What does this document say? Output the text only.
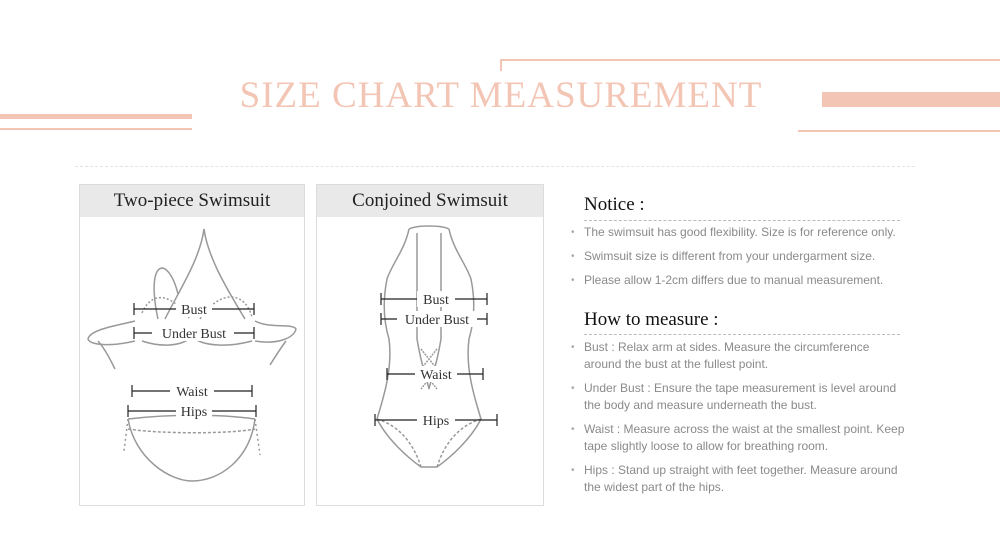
SIZE CHART MEASUREMENT
Two-piece Swimsuit
Bust
Under Bust
Waist
Hips
Conjoined Swimsuit
Bust
Under Bust
Waist
Hips
Notice :
• The swimsuit has good flexibility. Size is for reference only.
• Swimsuit size is different from your undergarment size.
• Please allow 1-2cm differs due to manual measurement.
How to measure :
• Bust : Relax arm at sides. Measure the circumference around the bust at the fullest point.
• Under Bust : Ensure the tape measurement is level around the body and measure underneath the bust.
• Waist : Measure across the waist at the smallest point. Keep tape slightly loose to allow for breathing room.
• Hips : Stand up straight with feet together. Measure around the widest part of the hips.
